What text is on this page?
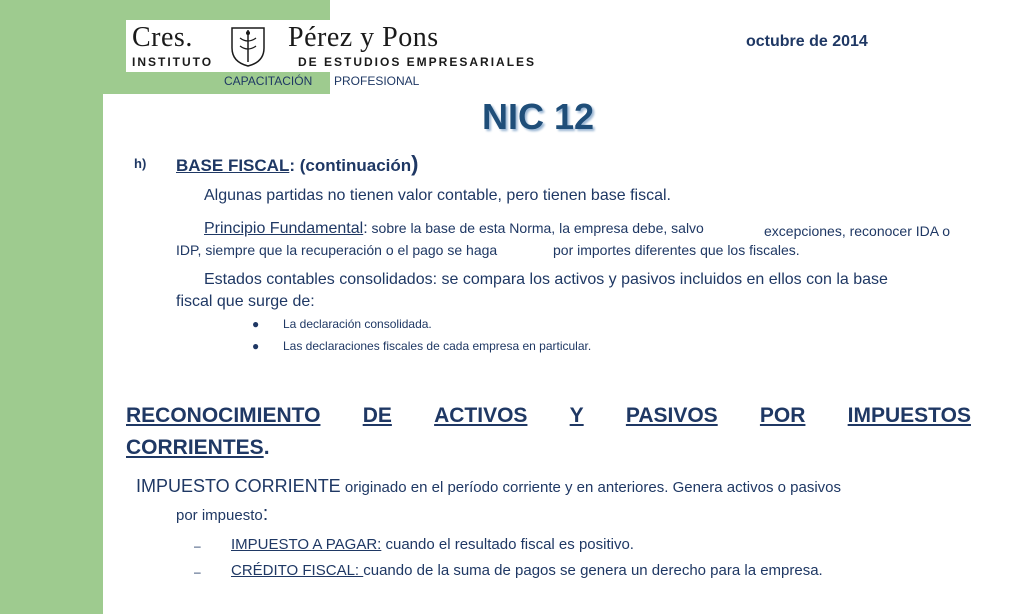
Cres.	Pérez y Pons
INSTITUTO	DE ESTUDIOS EMPRESARIALES
CAPACITACIÓN PROFESIONAL
octubre de 2014
NIC 12
h) BASE FISCAL: (continuación)
Algunas partidas no tienen valor contable, pero tienen base fiscal.
Principio Fundamental: sobre la base de esta Norma, la empresa debe, salvo	excepciones, reconocer IDA o
IDP, siempre que la recuperación o el pago se haga	por importes diferentes que los fiscales.
Estados contables consolidados: se compara los activos y pasivos incluidos en ellos con la base
fiscal que surge de:
● La declaración consolidada.
● Las declaraciones fiscales de cada empresa en particular.
RECONOCIMIENTO DE ACTIVOS Y PASIVOS POR IMPUESTOS
CORRIENTES.
IMPUESTO CORRIENTE originado en el período corriente y en anteriores. Genera activos o pasivos
por impuesto:
– IMPUESTO A PAGAR: cuando el resultado fiscal es positivo.
– CRÉDITO FISCAL: cuando de la suma de pagos se genera un derecho para la empresa.
